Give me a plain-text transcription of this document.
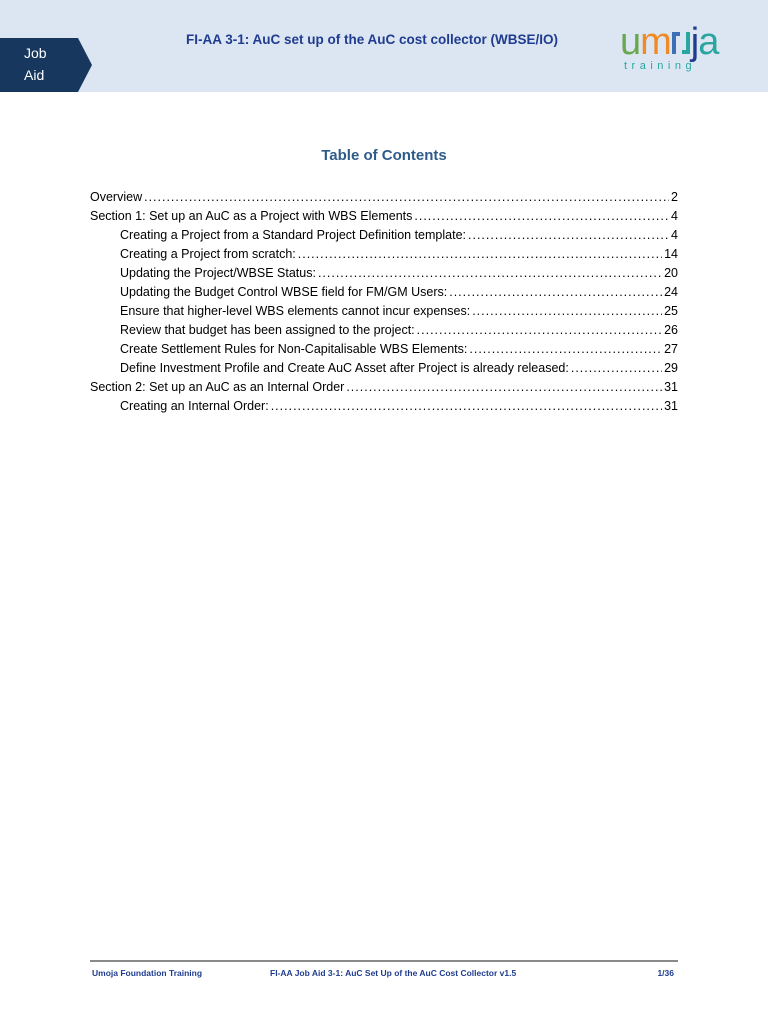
Job
Aid
FI-AA 3-1: AuC set up of the AuC cost collector (WBSE/IO)	um ja
training
Table of Contents
Overview .....	2
Section 1: Set up an AuC as a Project with WBS Elements .....	4
Creating a Project from a Standard Project Definition template: .....	4
Creating a Project from scratch: .....	14
Updating the Project/WBSE Status: .....	20
Updating the Budget Control WBSE field for FM/GM Users: .....	24
Ensure that higher-level WBS elements cannot incur expenses: .....	25
Review that budget has been assigned to the project: .....	26
Create Settlement Rules for Non-Capitalisable WBS Elements: .....	27
Define Investment Profile and Create AuC Asset after Project is already released: .....	29
Section 2: Set up an AuC as an Internal Order .....	31
Creating an Internal Order: .....	31
Umoja Foundation Training	FI-AA Job Aid 3-1: AuC Set Up of the AuC Cost Collector v1.5	1/36
